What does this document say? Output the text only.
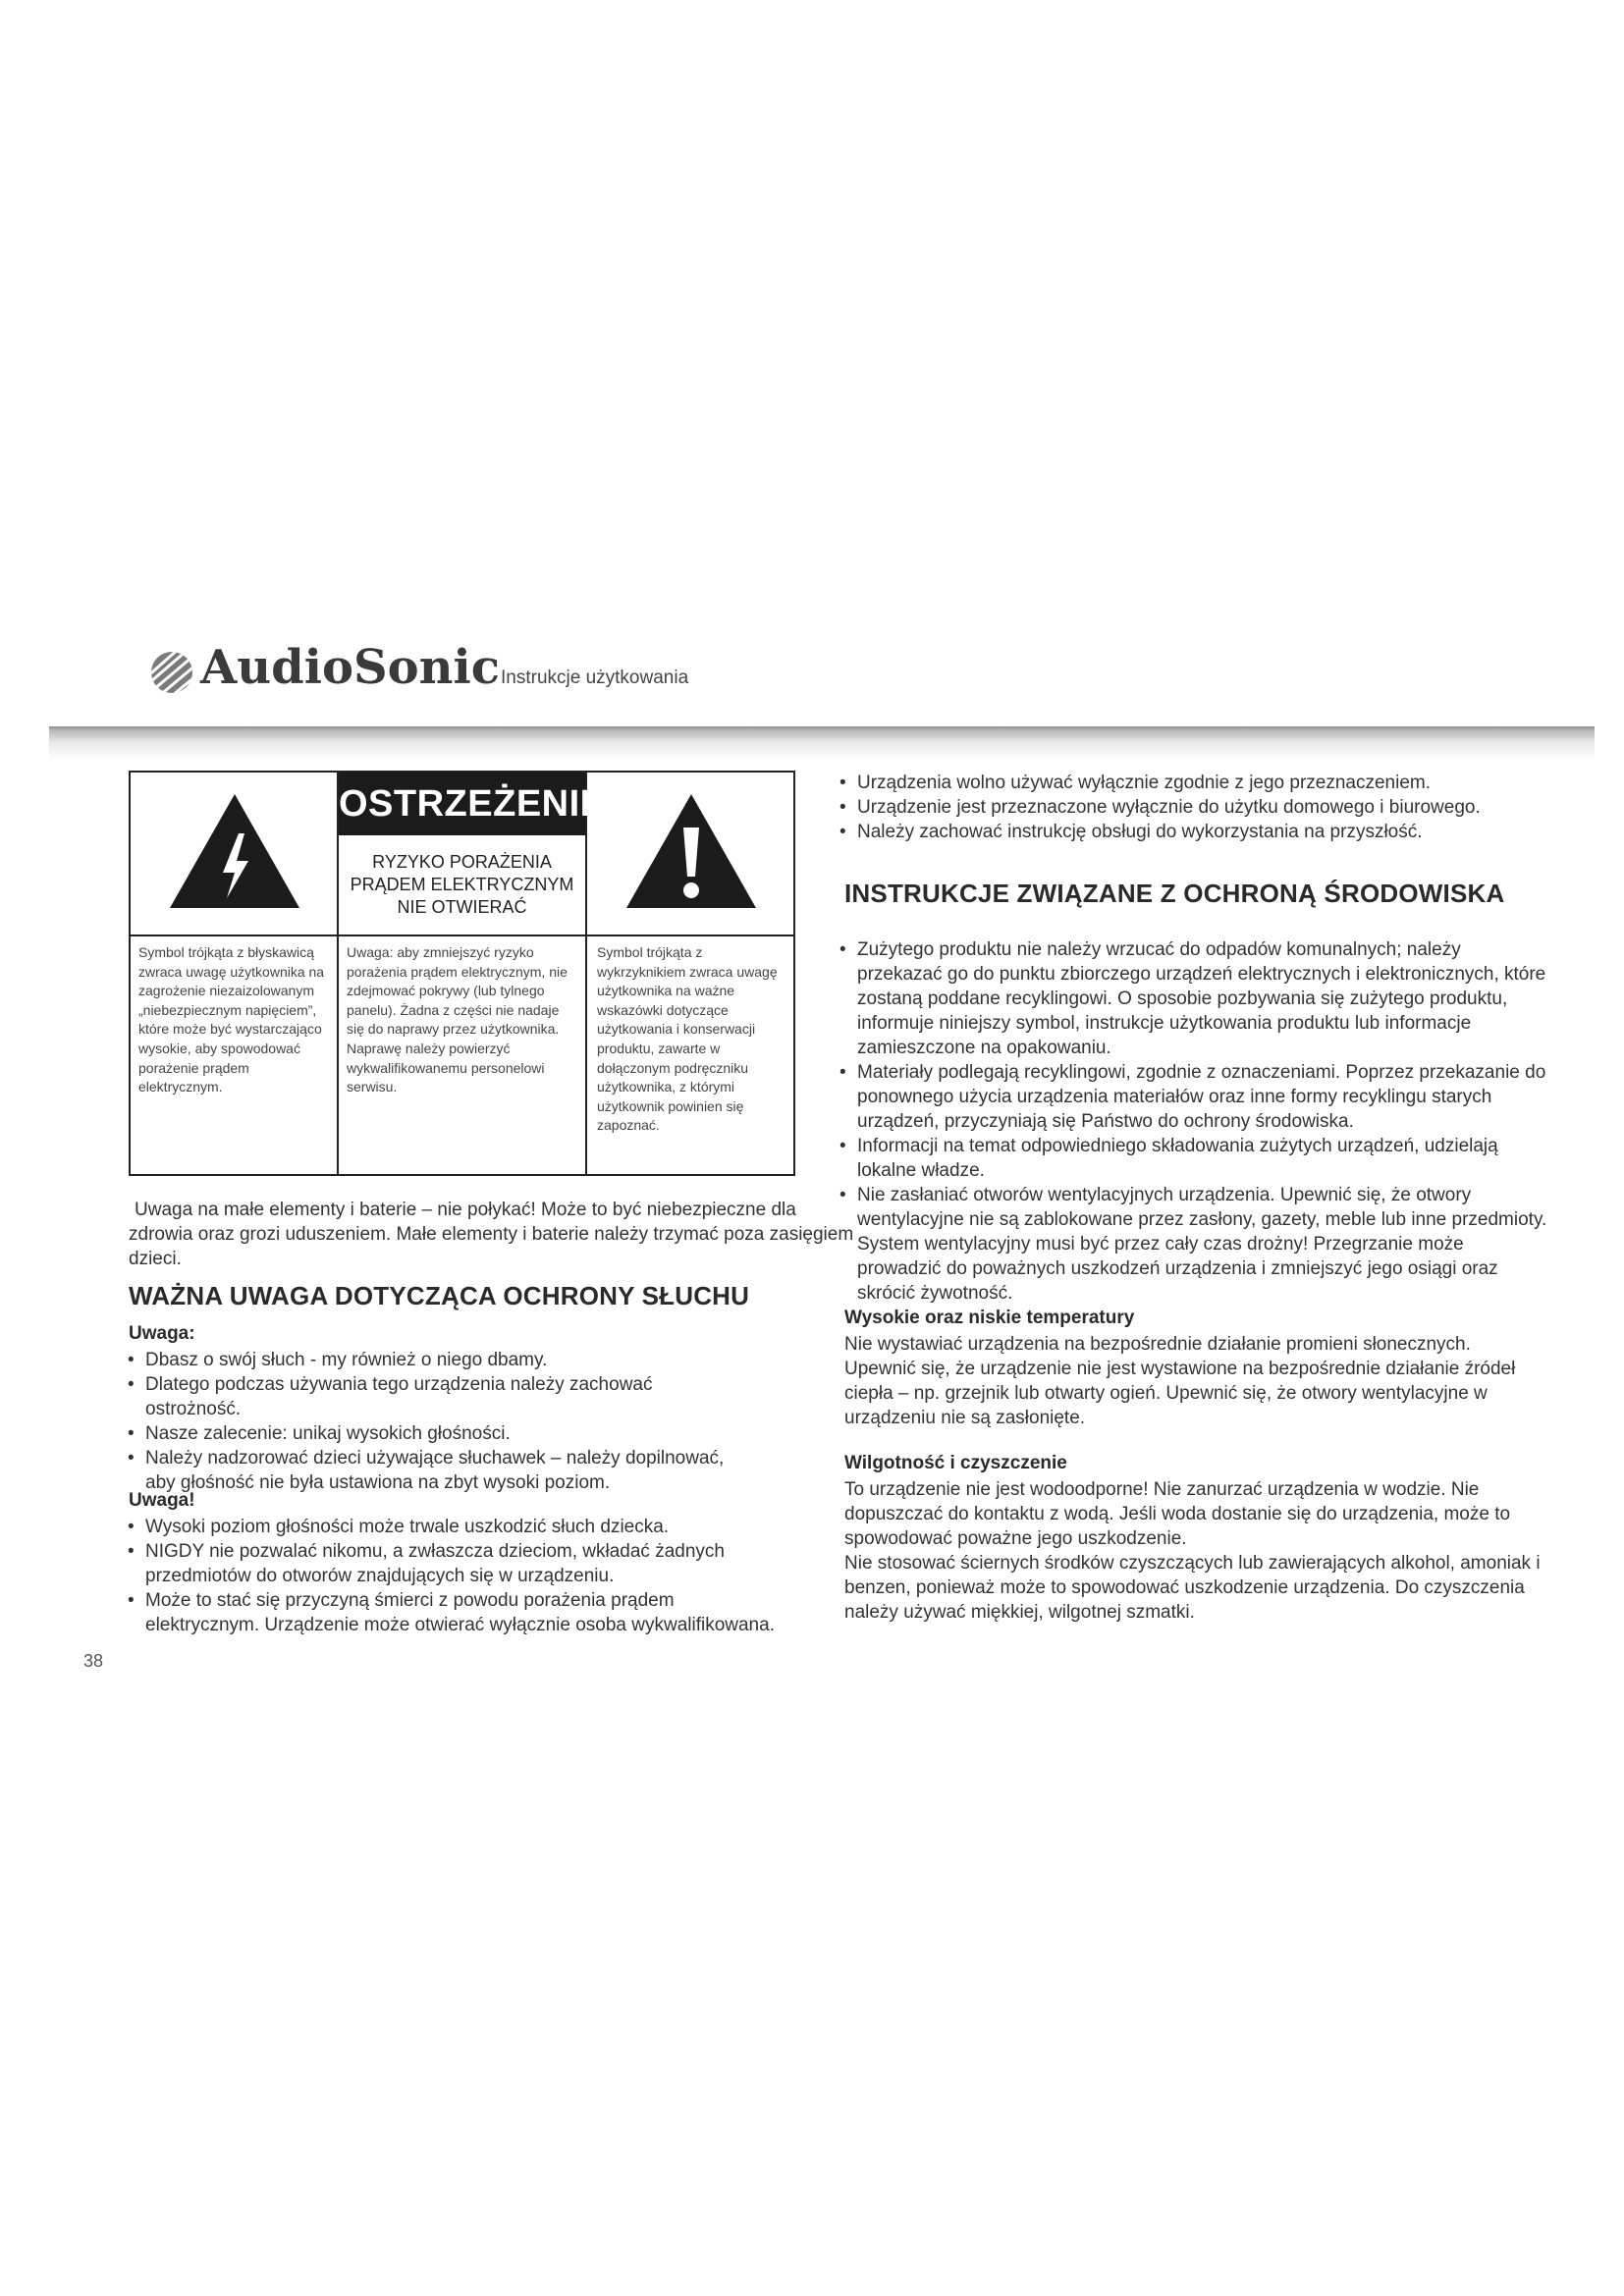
AudioSonic Instrukcje użytkowania
Symbol trójkąta z błyskawicą zwraca uwagę użytkownika na zagrożenie niezaizolowanym „niebezpiecznym napięciem”, które może być wystarczająco wysokie, aby spowodować porażenie prądem elektrycznym.
OSTRZEŻENIE
RYZYKO PORAŻENIA
PRĄDEM ELEKTRYCZNYM
NIE OTWIERAĆ
Uwaga: aby zmniejszyć ryzyko porażenia prądem elektrycznym, nie zdejmować pokrywy (lub tylnego panelu). Żadna z części nie nadaje się do naprawy przez użytkownika. Naprawę należy powierzyć wykwalifikowanemu personelowi serwisu.
Symbol trójkąta z wykrzyknikiem zwraca uwagę użytkownika na ważne wskazówki dotyczące użytkowania i konserwacji produktu, zawarte w dołączonym podręczniku użytkownika, z którymi użytkownik powinien się zapoznać.
Uwaga na małe elementy i baterie – nie połykać! Może to być niebezpieczne dla zdrowia oraz grozi uduszeniem. Małe elementy i baterie należy trzymać poza zasięgiem dzieci.
WAŻNA UWAGA DOTYCZĄCA OCHRONY SŁUCHU
Uwaga:
• Dbasz o swój słuch - my również o niego dbamy.
• Dlatego podczas używania tego urządzenia należy zachować ostrożność.
• Nasze zalecenie: unikaj wysokich głośności.
• Należy nadzorować dzieci używające słuchawek – należy dopilnować, aby głośność nie była ustawiona na zbyt wysoki poziom.
Uwaga!
• Wysoki poziom głośności może trwale uszkodzić słuch dziecka.
• NIGDY nie pozwalać nikomu, a zwłaszcza dzieciom, wkładać żadnych przedmiotów do otworów znajdujących się w urządzeniu.
• Może to stać się przyczyną śmierci z powodu porażenia prądem elektrycznym. Urządzenie może otwierać wyłącznie osoba wykwalifikowana.
38
• Urządzenia wolno używać wyłącznie zgodnie z jego przeznaczeniem.
• Urządzenie jest przeznaczone wyłącznie do użytku domowego i biurowego.
• Należy zachować instrukcję obsługi do wykorzystania na przyszłość.
INSTRUKCJE ZWIĄZANE Z OCHRONĄ ŚRODOWISKA
• Zużytego produktu nie należy wrzucać do odpadów komunalnych; należy przekazać go do punktu zbiorczego urządzeń elektrycznych i elektronicznych, które zostaną poddane recyklingowi. O sposobie pozbywania się zużytego produktu, informuje niniejszy symbol, instrukcje użytkowania produktu lub informacje zamieszczone na opakowaniu.
• Materiały podlegają recyklingowi, zgodnie z oznaczeniami. Poprzez przekazanie do ponownego użycia urządzenia materiałów oraz inne formy recyklingu starych urządzeń, przyczyniają się Państwo do ochrony środowiska.
• Informacji na temat odpowiedniego składowania zużytych urządzeń, udzielają lokalne władze.
• Nie zasłaniać otworów wentylacyjnych urządzenia. Upewnić się, że otwory wentylacyjne nie są zablokowane przez zasłony, gazety, meble lub inne przedmioty. System wentylacyjny musi być przez cały czas drożny! Przegrzanie może prowadzić do poważnych uszkodzeń urządzenia i zmniejszyć jego osiągi oraz skrócić żywotność.
Wysokie oraz niskie temperatury

Nie wystawiać urządzenia na bezpośrednie działanie promieni słonecznych. Upewnić się, że urządzenie nie jest wystawione na bezpośrednie działanie źródeł ciepła – np. grzejnik lub otwarty ogień. Upewnić się, że otwory wentylacyjne w urządzeniu nie są zasłonięte.

Wilgotność i czyszczenie

To urządzenie nie jest wodoodporne! Nie zanurzać urządzenia w wodzie. Nie dopuszczać do kontaktu z wodą. Jeśli woda dostanie się do urządzenia, może to spowodować poważne jego uszkodzenie.

Nie stosować ściernych środków czyszczących lub zawierających alkohol, amoniak i benzen, ponieważ może to spowodować uszkodzenie urządzenia. Do czyszczenia należy używać miękkiej, wilgotnej szmatki.
